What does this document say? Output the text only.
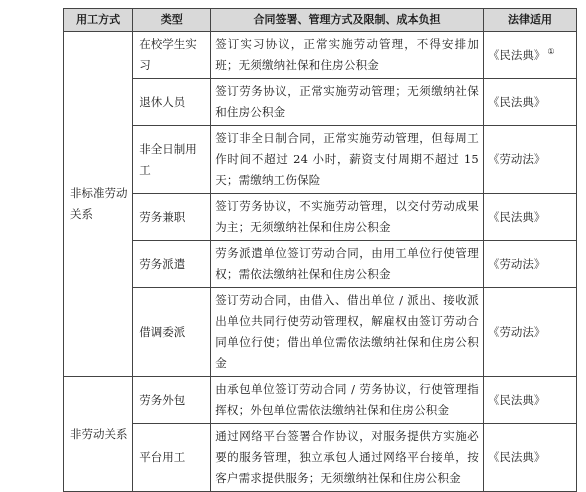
用工方式	类型	合同签署、管理方式及限制、成本负担	法律适用
非标准劳动关系	在校学生实习	签订实习协议，正常实施劳动管理，不得安排加班；无须缴纳社保和住房公积金	《民法典》 ①
	退休人员	签订劳务协议，正常实施劳动管理；无须缴纳社保和住房公积金	《民法典》
	非全日制用工	签订非全日制合同，正常实施劳动管理，但每周工作时间不超过 24 小时，薪资支付周期不超过 15 天；需缴纳工伤保险	《劳动法》
	劳务兼职	签订劳务协议，不实施劳动管理，以交付劳动成果为主；无须缴纳社保和住房公积金	《民法典》
	劳务派遣	劳务派遣单位签订劳动合同，由用工单位行使管理权；需依法缴纳社保和住房公积金	《劳动法》
	借调委派	签订劳动合同，由借入、借出单位 / 派出、接收派出单位共同行使劳动管理权，解雇权由签订劳动合同单位行使；借出单位需依法缴纳社保和住房公积金	《劳动法》
非劳动关系	劳务外包	由承包单位签订劳动合同 / 劳务协议，行使管理指挥权；外包单位需依法缴纳社保和住房公积金	《民法典》
	平台用工	通过网络平台签署合作协议，对服务提供方实施必要的服务管理，独立承包人通过网络平台接单，按客户需求提供服务；无须缴纳社保和住房公积金	《民法典》
